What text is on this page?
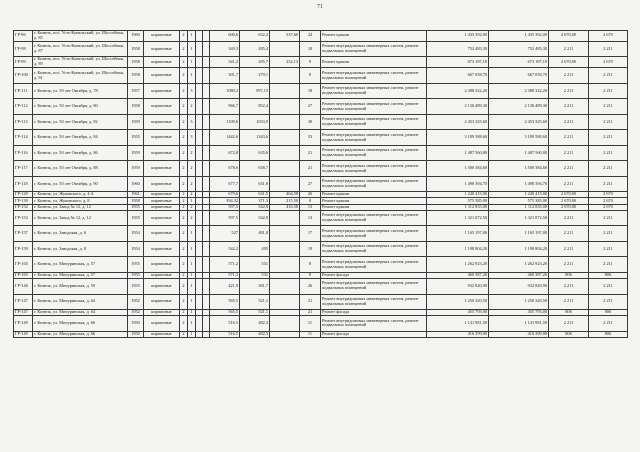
71
ГР-96	г. Кинель, пос. Усть-Кинельский, ул. Шоссейная, д. 85	1960	кирпичные	2	1			600,6	632,2	537,60	24	Ремонт крыши	1 435 392,00	1 435 392,00	2 670,00	2 670
ГР-98	г. Кинель, пос. Усть-Кинельский, ул. Шоссейная, д. 87	1958	кирпичные	2	1			349,3	285,4		10	Ремонт внутридомовых инженерных систем, ремонт подвальных помещений	752 485,30	752 485,30	2 211	2 211
ГР-99	г. Кинель, пос. Усть-Кинельский, ул. Шоссейная, д. 89	1958	кирпичные	2	1			341,2	285,7	252,13	9	Ремонт крыши	673 187,10	673 187,10	2 670,00	2 670
ГР-100	г. Кинель, пос. Усть-Кинельский, ул. Шоссейная, д. 91	1958	кирпичные	2	1			301,7	279,1		8	Ремонт внутридомовых инженерных систем, ремонт подвальных помещений	667 058,70	667 058,70	2 211	2 211
ГР-111	г. Кинель, ул. 50 лет Октября, д. 78	1957	кирпичные	2	3			1080,2	997,15		18	Ремонт внутридомовых инженерных систем, ремонт подвальных помещений	2 388 322,20	2 388 322,20	2 211	2 211
ГР-112	г. Кинель, ул. 50 лет Октября, д. 80	1958	кирпичные	2	2			966,7	852,4		27	Ремонт внутридомовых инженерных систем, ремонт подвальных помещений	2 136 489,30	2 136 489,30	2 211	2 211
ГР-113	г. Кинель, ул. 50 лет Октября, д. 82	1959	кирпичные	2	3			1109,6	1033,9		30	Ремонт внутридомовых инженерных систем, ремонт подвальных помещений	2 453 325,60	2 453 325,60	2 211	2 211
ГР-114	г. Кинель, ул. 50 лет Октября, д. 84	1955	кирпичные	2	3			1442,6	1343,6		53	Ремонт внутридомовых инженерных систем, ремонт подвальных помещений	3 189 588,60	3 189 588,60	2 211	2 211
ГР-116	г. Кинель, ул. 50 лет Октября, д. 86	1959	кирпичные	2	2			672,8	635,6		21	Ремонт внутридомовых инженерных систем, ремонт подвальных помещений	1 487 560,80	1 487 560,80	2 211	2 211
ГР-117	г. Кинель, ул. 50 лет Октября, д. 88	1959	кирпичные	2	2			678,6	638,7		21	Ремонт внутридомовых инженерных систем, ремонт подвальных помещений	1 500 384,60	1 500 384,60	2 211	2 211
ГР-118	г. Кинель, ул. 50 лет Октября, д. 90	1960	кирпичные	2	2			677,7	631,8		27	Ремонт внутридомовых инженерных систем, ремонт подвальных помещений	1 498 394,70	1 498 394,70	2 211	2 211
ГР-129	г. Кинель, ул. Жуковского, д. 4 А	1961	кирпичные	2	2			679,6	631,5	464,58	26	Ремонт крыши	1 240 415,00	1 240 415,00	2 670,00	2 670
ГР-139	г. Кинель, ул. Жуковского, д. 8	1958	кирпичные	2	1			394,32	371,3	215,50	8	Ремонт крыши	575 385,00	575 385,00	2 670,00	2 670
ГР-152	г. Кинель, ул. Завод № 12, д. 12	1955	кирпичные	2	2			597,5	542,9	416,58	13	Ремонт крыши	1 112 835,00	1 112 835,00	2 670,00	2 670
ГР-153	г. Кинель, ул. Завод № 12, д. 12	1955	кирпичные	2	2			597,5	542,9		13	Ремонт внутридомовых инженерных систем, ремонт подвальных помещений	1 321 072,50	1 321 072,50	2 211	2 211
ГР-157	г. Кинель, ул. Заводская, д. 6	1954	кирпичные	2	1			527	481,8		17	Ремонт внутридомовых инженерных систем, ремонт подвальных помещений	1 165 197,00	1 165 197,00	2 211	2 211
ГР-159	г. Кинель, ул. Заводская, д. 8	1954	кирпичные	2	1			542,2	495		19	Ремонт внутридомовых инженерных систем, ремонт подвальных помещений	1 198 804,20	1 198 804,20	2 211	2 211
ГР-165	г. Кинель, ул. Мичуринская, д. 57	1955	кирпичные	2	1			571,2	531		8	Ремонт внутридомовых инженерных систем, ремонт подвальных помещений	1 262 923,20	1 262 923,20	2 211	2 211
ГР-165	г. Кинель, ул. Мичуринская, д. 57	1955	кирпичные	2	1			571,2	531		8	Ремонт фасада	460 387,20	460 387,20	806	806
ГР-146	г. Кинель, ул. Мичуринская, д. 59	1955	кирпичные	2	1			421,9	381,7		26	Ремонт внутридомовых инженерных систем, ремонт подвальных помещений	932 820,90	932 820,90	2 211	2 211
ГР-147	г. Кинель, ул. Мичуринская, д. 64	1952	кирпичные	2	1			565,5	521,1		21	Ремонт внутридомовых инженерных систем, ремонт подвальных помещений	1 250 320,50	1 250 320,50	2 211	2 211
ГР-147	г. Кинель, ул. Мичуринская, д. 64	1952	кирпичные	2	1			565,5	521,1		21	Ремонт фасада	455 793,00	455 793,00	806	806
ГР-149	г. Кинель, ул. Мичуринская, д. 66	1950	кирпичные	2	1			516,5	482,3		11	Ремонт внутридомовых инженерных систем, ремонт подвальных помещений	1 141 981,50	1 141 981,50	2 211	2 211
ГР-149	г. Кинель, ул. Мичуринская, д. 66	1950	кирпичные	2	1			516,5	482,3		11	Ремонт фасада	416 299,00	416 299,00	806	806
